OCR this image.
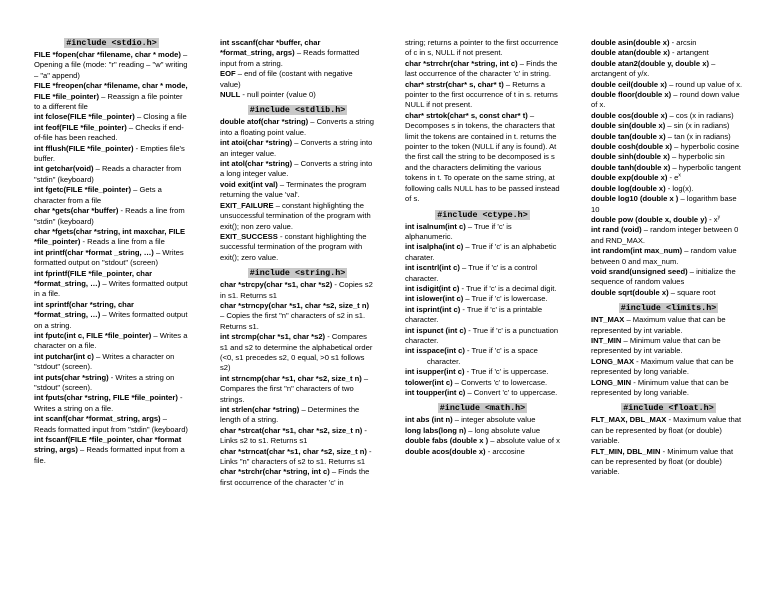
#include <stdio.h>
FILE *fopen(char *filename, char * mode) – Opening a file (mode: "r" reading – "w" writing – "a" append)
FILE *freopen(char *filename, char * mode, FILE *file_pointer) – Reassign a file pointer to a different file
int fclose(FILE *file_pointer) – Closing a file
int feof(FILE *file_pointer) – Checks if end-of-file has been reached.
int fflush(FILE *file_pointer) - Empties file's buffer.
int getchar(void) – Reads a character from "stdin" (keyboard)
int fgetc(FILE *file_pointer) – Gets a character from a file
char *gets(char *buffer) - Reads a line from "stdin" (keyboard)
char *fgets(char *string, int maxchar, FILE *file_pointer) - Reads a line from a file
int printf(char *format _string, …) – Writes formatted output on "stdout" (screen)
int fprintf(FILE *file_pointer, char *format_string, …) – Writes formatted output in a file.
int sprintf(char *string, char *format_string, …) – Writes formatted output on a string.
int fputc(int c, FILE *file_pointer) – Writes a character on a file.
int putchar(int c) – Writes a character on "stdout" (screen).
int puts(char *string) - Writes a string on "stdout" (screen).
int fputs(char *string, FILE *file_pointer) - Writes a string on a file.
int scanf(char *format_string, args) – Reads formatted input from "stdin" (keyboard)
int fscanf(FILE *file_pointer, char *format string, args) – Reads formatted input from a file.
int sscanf(char *buffer, char *format_string, args) – Reads formatted input from a string.
EOF – end of file (costant with negative value)
NULL - null pointer (value 0)
#include <stdlib.h>
double atof(char *string) – Converts a string into a floating point value.
int atoi(char *string) – Converts a string into an integer value.
int atol(char *string) – Converts a string into a long integer value.
void exit(int val) – Terminates the program returning the value 'val'.
EXIT_FAILURE – constant highlighting the unsuccessful termination of the program with exit(); non zero value.
EXIT_SUCCESS - constant highlighting the successful termination of the program with exit(); zero value.
#include <string.h>
char *strcpy(char *s1, char *s2) - Copies s2 in s1. Returns s1
char *strncpy(char *s1, char *s2, size_t n) – Copies the first "n" characters of s2 in s1. Returns s1.
int strcmp(char *s1, char *s2) - Compares s1 and s2 to determine the alphabetical order (<0, s1 precedes s2, 0 equal, >0 s1 follows s2)
int strncmp(char *s1, char *s2, size_t n) – Compares the first "n" characters of two strings.
int strlen(char *string) – Determines the length of a string.
char *strcat(char *s1, char *s2, size_t n) - Links s2 to s1. Returns s1
char *strncat(char *s1, char *s2, size_t n) - Links "n" characters of s2 to s1. Returns s1
char *strchr(char *string, int c) – Finds the first occurrence of the character 'c' in
string; returns a pointer to the first occurrence of c in s, NULL if not present.
char *strrchr(char *string, int c) – Finds the last occurrence of the character 'c' in string.
char* strstr(char* s, char* t) – Returns a pointer to the first occurrence of t in s. returns NULL if not present.
char* strtok(char* s, const char* t) – Decomposes s in tokens, the characters that limit the tokens are contained in t. returns the pointer to the token (NULL if any is found). At the first call the string to be decomposed is s and the characters delimiting the various tokens in t. To operate on the same string, at following calls NULL has to be passed instead of s.
#include <ctype.h>
int isalnum(int c) – True if 'c' is alphanumeric.
int isalpha(int c) – True if 'c' is an alphabetic charater.
int iscntrl(int c) – True if 'c' is a control character.
int isdigit(int c) - True if 'c' is a decimal digit.
int islower(int c) – True if 'c' is lowercase.
int isprint(int c) - True if 'c' is a printable character.
int ispunct (int c) - True if 'c' is a punctuation character.
int isspace(int c) - True if 'c' is a space
character.
int isupper(int c) - True if 'c' is uppercase.
tolower(int c) – Converts 'c' to lowercase.
int toupper(int c) – Convert 'c' to uppercase.
#include <math.h>
int abs (int n) – integer absolute value
long labs(long n) – long absolute value
double fabs (double x ) – absolute value of x
double acos(double x) - arccosine
double asin(double x) - arcsin
double atan(double x) - artangent
double atan2(double y, double x) – arctangent of y/x.
double ceil(double x) – round up value of x.
double floor(double x) – round down value of x.
double cos(double x) – cos (x in radians)
double sin(double x) – sin (x in radians)
double tan(double x) – tan (x in radians)
double cosh(double x) – hyperbolic cosine
double sinh(double x) – hyperbolic sin
double tanh(double x) – hyperbolic tangent
double exp(double $x) - e^x$
double log(double x) - log(x).
double log10 (double x ) – logarithm base 10
double pow (double x, double $y) - x^y$
int rand (void) – random integer between 0 and RND_MAX.
int random(int max_num) – random value between 0 and max_num.
void srand(unsigned seed) – initialize the sequence of random values
double sqrt(double x) – square root
#include <limits.h>
INT_MAX – Maximum value that can be represented by int variable.
INT_MIN – Minimum value that can be represented by int variable.
LONG_MAX - Maximum value that can be represented by long variable.
LONG_MIN - Minimum value that can be represented by long variable.
#include <float.h>
FLT_MAX, DBL_MAX - Maximum value that can be represented by float (or double) variable.
FLT_MIN, DBL_MIN - Minimum value that can be represented by float (or double) variable.
